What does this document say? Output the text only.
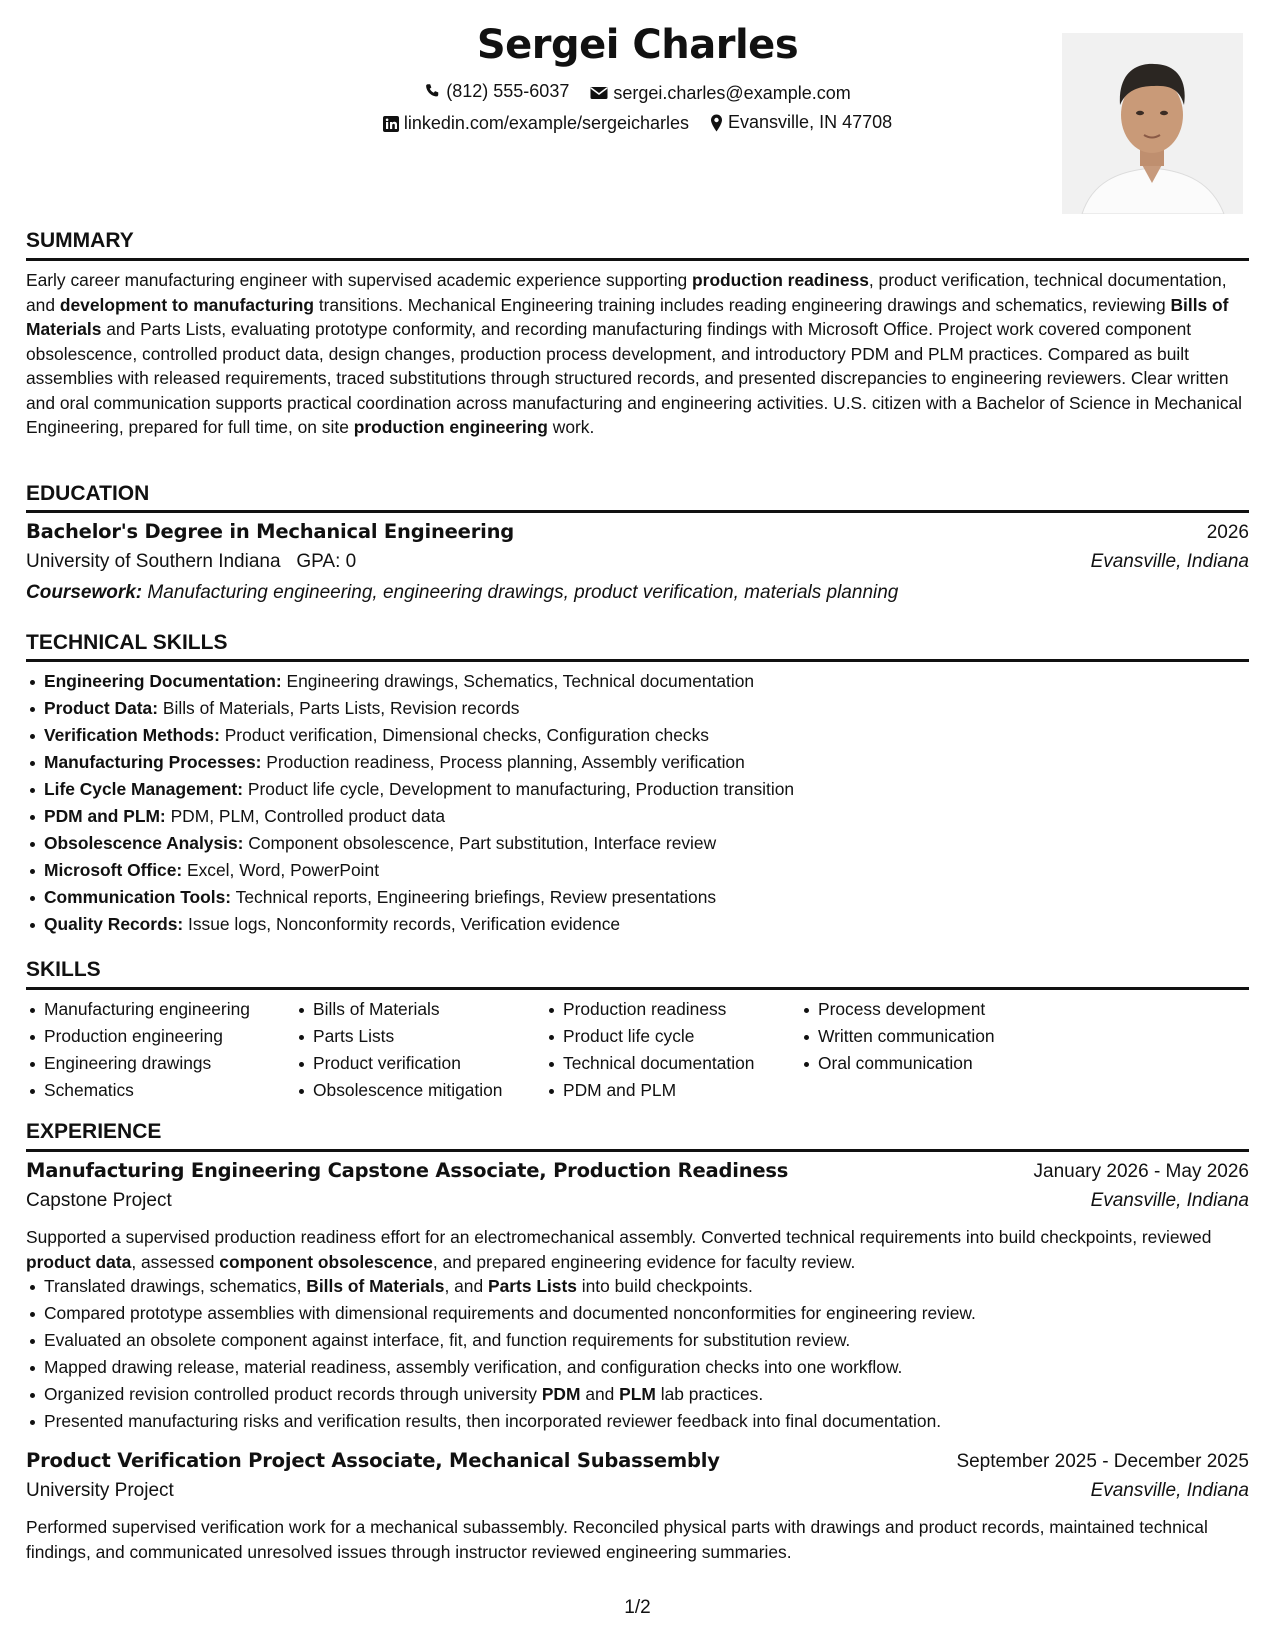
Sergei Charles
(812) 555-6037
sergei.charles@example.com
linkedin.com/example/sergeicharles
Evansville, IN 47708
SUMMARY
Early career manufacturing engineer with supervised academic experience supporting production readiness, product verification, technical documentation, and development to manufacturing transitions. Mechanical Engineering training includes reading engineering drawings and schematics, reviewing Bills of Materials and Parts Lists, evaluating prototype conformity, and recording manufacturing findings with Microsoft Office. Project work covered component obsolescence, controlled product data, design changes, production process development, and introductory PDM and PLM practices. Compared as built assemblies with released requirements, traced substitutions through structured records, and presented discrepancies to engineering reviewers. Clear written and oral communication supports practical coordination across manufacturing and engineering activities. U.S. citizen with a Bachelor of Science in Mechanical Engineering, prepared for full time, on site production engineering work.
EDUCATION
Bachelor's Degree in Mechanical Engineering	2026
University of Southern Indiana GPA: 0	Evansville, Indiana
Coursework: Manufacturing engineering, engineering drawings, product verification, materials planning
TECHNICAL SKILLS
Engineering Documentation: Engineering drawings, Schematics, Technical documentation
Product Data: Bills of Materials, Parts Lists, Revision records
Verification Methods: Product verification, Dimensional checks, Configuration checks
Manufacturing Processes: Production readiness, Process planning, Assembly verification
Life Cycle Management: Product life cycle, Development to manufacturing, Production transition
PDM and PLM: PDM, PLM, Controlled product data
Obsolescence Analysis: Component obsolescence, Part substitution, Interface review
Microsoft Office: Excel, Word, PowerPoint
Communication Tools: Technical reports, Engineering briefings, Review presentations
Quality Records: Issue logs, Nonconformity records, Verification evidence
SKILLS
Manufacturing engineering
Production engineering
Engineering drawings
Schematics
Bills of Materials
Parts Lists
Product verification
Obsolescence mitigation
Production readiness
Product life cycle
Technical documentation
PDM and PLM
Process development
Written communication
Oral communication
EXPERIENCE
Manufacturing Engineering Capstone Associate, Production Readiness	January 2026 - May 2026
Capstone Project	Evansville, Indiana
Supported a supervised production readiness effort for an electromechanical assembly. Converted technical requirements into build checkpoints, reviewed product data, assessed component obsolescence, and prepared engineering evidence for faculty review.
Translated drawings, schematics, Bills of Materials, and Parts Lists into build checkpoints.
Compared prototype assemblies with dimensional requirements and documented nonconformities for engineering review.
Evaluated an obsolete component against interface, fit, and function requirements for substitution review.
Mapped drawing release, material readiness, assembly verification, and configuration checks into one workflow.
Organized revision controlled product records through university PDM and PLM lab practices.
Presented manufacturing risks and verification results, then incorporated reviewer feedback into final documentation.
Product Verification Project Associate, Mechanical Subassembly	September 2025 - December 2025
University Project	Evansville, Indiana
Performed supervised verification work for a mechanical subassembly. Reconciled physical parts with drawings and product records, maintained technical findings, and communicated unresolved issues through instructor reviewed engineering summaries.
1/2
